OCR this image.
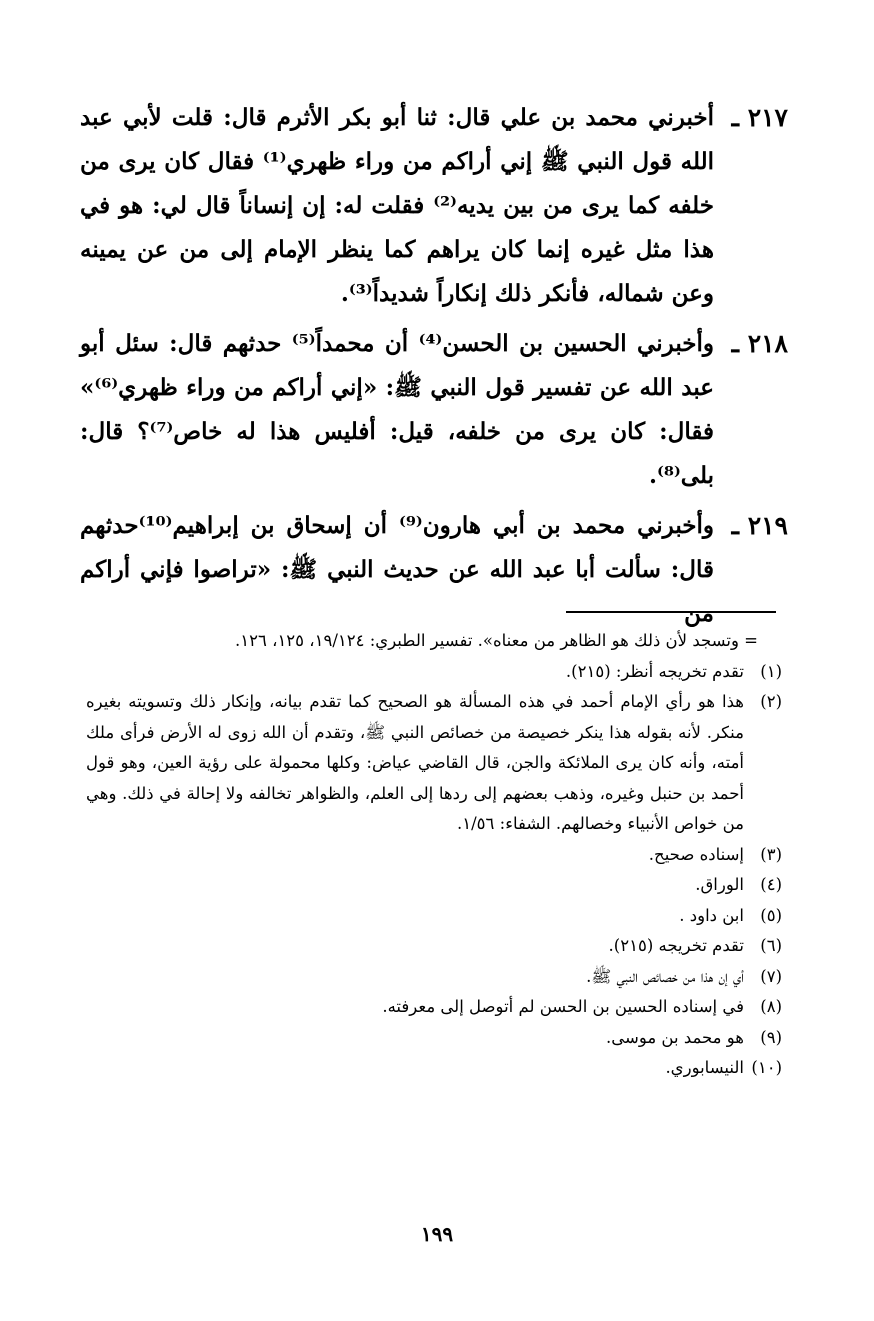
٢١٧ ـ
أخبرني محمد بن علي قال: ثنا أبو بكر الأثرم قال: قلت لأبي عبد الله قول النبي ﷺ إني أراكم من وراء ظهري⁽¹⁾ فقال كان يرى من خلفه كما يرى من بين يديه⁽²⁾ فقلت له: إن إنساناً قال لي: هو في هذا مثل غيره إنما كان يراهم كما ينظر الإمام إلى من عن يمينه وعن شماله، فأنكر ذلك إنكاراً شديداً⁽³⁾.
٢١٨ ـ
وأخبرني الحسين بن الحسن⁽⁴⁾ أن محمداً⁽⁵⁾ حدثهم قال: سئل أبو عبد الله عن تفسير قول النبي ﷺ: «إني أراكم من وراء ظهري⁽⁶⁾» فقال: كان يرى من خلفه، قيل: أفليس هذا له خاص⁽⁷⁾؟ قال: بلى⁽⁸⁾.
٢١٩ ـ
وأخبرني محمد بن أبي هارون⁽⁹⁾ أن إسحاق بن إبراهيم⁽¹⁰⁾حدثهم قال: سألت أبا عبد الله عن حديث النبي ﷺ: «تراصوا فإني أراكم من
= وتسجد لأن ذلك هو الظاهر من معناه». تفسير الطبري: ١٩/١٢٤، ١٢٥، ١٢٦.
(١)
تقدم تخريجه أنظر: (٢١٥).
(٢)
هذا هو رأي الإمام أحمد في هذه المسألة هو الصحيح كما تقدم بيانه، وإنكار ذلك وتسويته بغيره منكر. لأنه بقوله هذا ينكر خصيصة من خصائص النبي ﷺ، وتقدم أن الله زوى له الأرض فرأى ملك أمته، وأنه كان يرى الملائكة والجن، قال القاضي عياض: وكلها محمولة على رؤية العين، وهو قول أحمد بن حنبل وغيره، وذهب بعضهم إلى ردها إلى العلم، والظواهر تخالفه ولا إحالة في ذلك. وهي من خواص الأنبياء وخصالهم. الشفاء: ١/٥٦.
(٣)
إسناده صحيح.
(٤)
الوراق.
(٥)
ابن داود .
(٦)
تقدم تخريجه (٢١٥).
(٧)
أي إن هذا من خصائص النبي ﷺ.
(٨)
في إسناده الحسين بن الحسن لم أتوصل إلى معرفته.
(٩)
هو محمد بن موسى.
(١٠)
النيسابوري.
١٩٩
